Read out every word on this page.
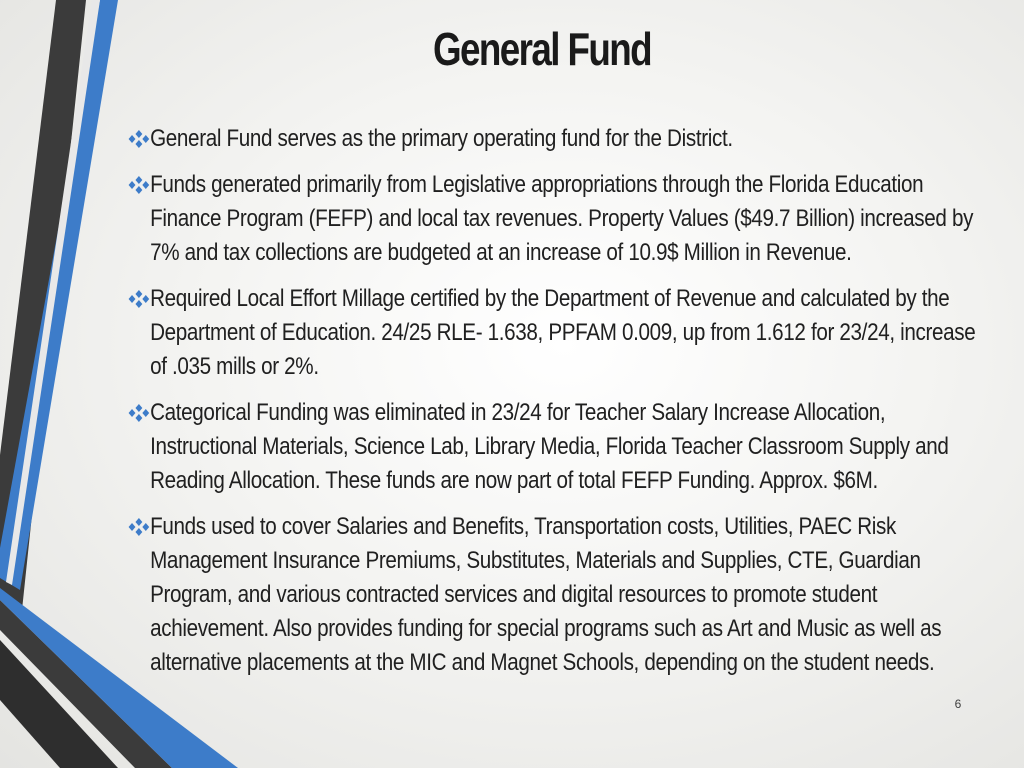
General Fund
General Fund serves as the primary operating fund for the District.
Funds generated primarily from Legislative appropriations through the Florida Education Finance Program (FEFP) and local tax revenues. Property Values ($49.7 Billion) increased by 7% and tax collections are budgeted at an increase of 10.9$ Million in Revenue.
Required Local Effort Millage certified by the Department of Revenue and calculated by the Department of Education. 24/25 RLE- 1.638, PPFAM 0.009, up from 1.612 for 23/24, increase of .035 mills or 2%.
Categorical Funding was eliminated in 23/24 for Teacher Salary Increase Allocation, Instructional Materials, Science Lab, Library Media, Florida Teacher Classroom Supply and Reading Allocation. These funds are now part of total FEFP Funding. Approx. $6M.
Funds used to cover Salaries and Benefits, Transportation costs, Utilities, PAEC Risk Management Insurance Premiums, Substitutes, Materials and Supplies, CTE, Guardian Program, and various contracted services and digital resources to promote student achievement. Also provides funding for special programs such as Art and Music as well as alternative placements at the MIC and Magnet Schools, depending on the student needs.
6
